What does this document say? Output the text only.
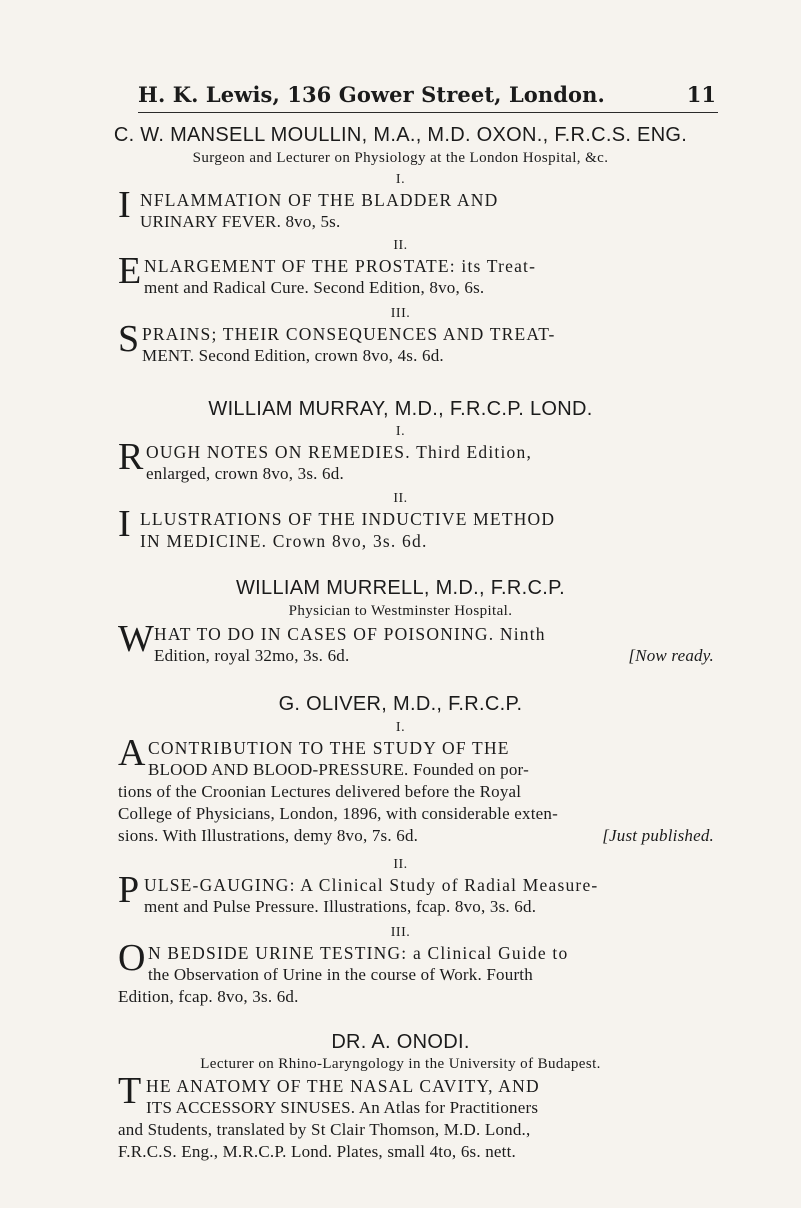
H. K. Lewis, 136 Gower Street, London.	11
C. W. MANSELL MOULLIN, M.A., M.D. OXON., F.R.C.S. ENG.
Surgeon and Lecturer on Physiology at the London Hospital, &c.
I.
I NFLAMMATION OF THE BLADDER AND
URINARY FEVER. 8vo, 5s.
II.
E NLARGEMENT OF THE PROSTATE: its Treat-
ment and Radical Cure. Second Edition, 8vo, 6s.
III.
S PRAINS; THEIR CONSEQUENCES AND TREAT-
MENT. Second Edition, crown 8vo, 4s. 6d.
WILLIAM MURRAY, M.D., F.R.C.P. LOND.
I.
R OUGH NOTES ON REMEDIES. Third Edition,
enlarged, crown 8vo, 3s. 6d.
II.
I LLUSTRATIONS OF THE INDUCTIVE METHOD
IN MEDICINE. Crown 8vo, 3s. 6d.
WILLIAM MURRELL, M.D., F.R.C.P.
Physician to Westminster Hospital.
W HAT TO DO IN CASES OF POISONING. Ninth
Edition, royal 32mo, 3s. 6d.	[Now ready.
G. OLIVER, M.D., F.R.C.P.
I.
A CONTRIBUTION TO THE STUDY OF THE
BLOOD AND BLOOD-PRESSURE. Founded on por-
tions of the Croonian Lectures delivered before the Royal
College of Physicians, London, 1896, with considerable exten-
sions. With Illustrations, demy 8vo, 7s. 6d.	[Just published.
II.
P ULSE-GAUGING: A Clinical Study of Radial Measure-
ment and Pulse Pressure. Illustrations, fcap. 8vo, 3s. 6d.
III.
O N BEDSIDE URINE TESTING: a Clinical Guide to
the Observation of Urine in the course of Work. Fourth
Edition, fcap. 8vo, 3s. 6d.
DR. A. ONODI.
Lecturer on Rhino-Laryngology in the University of Budapest.
T HE ANATOMY OF THE NASAL CAVITY, AND
ITS ACCESSORY SINUSES. An Atlas for Practitioners
and Students, translated by St Clair Thomson, M.D. Lond.,
F.R.C.S. Eng., M.R.C.P. Lond. Plates, small 4to, 6s. nett.
